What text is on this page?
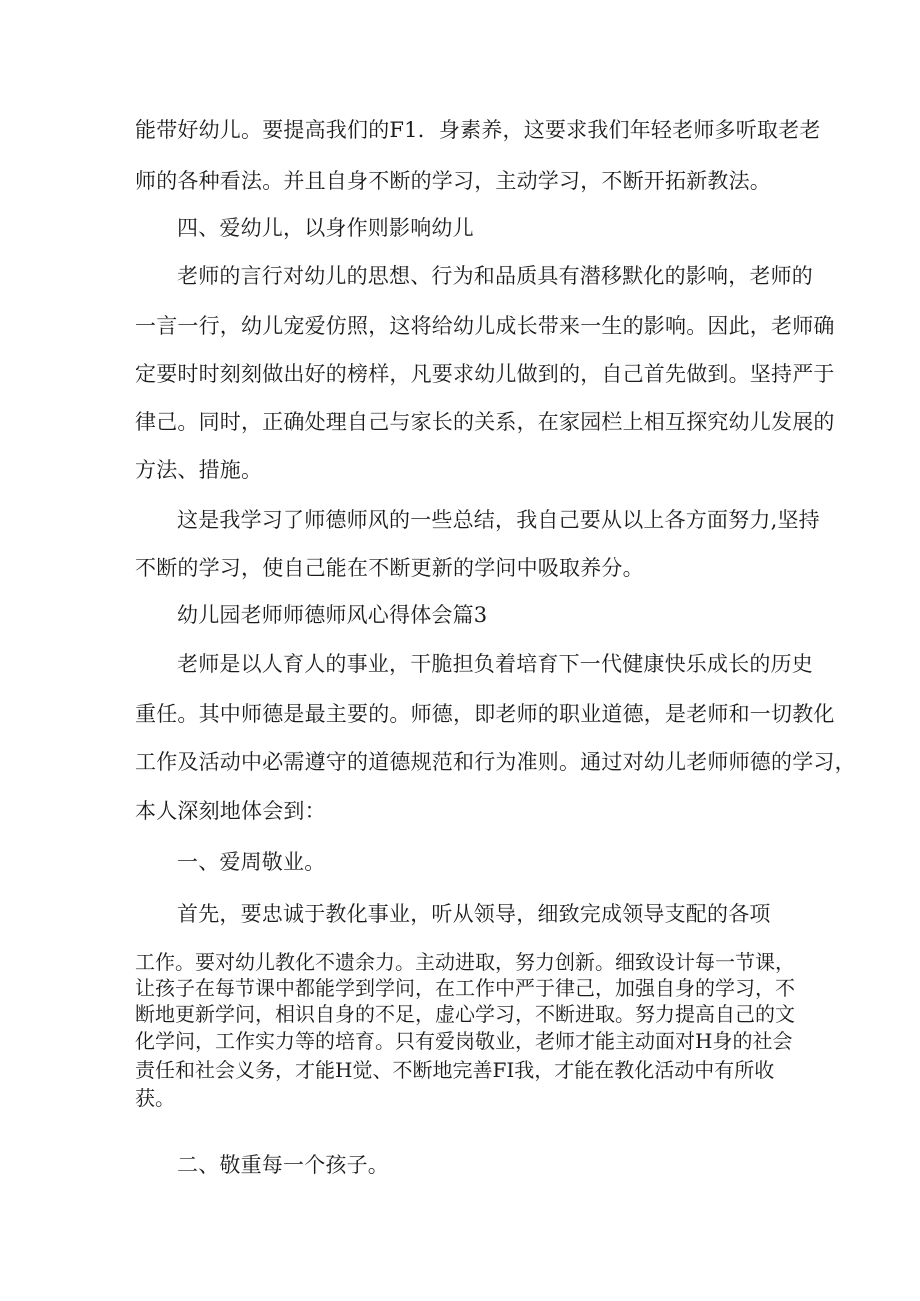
能带好幼儿。要提高我们的F1．身素养，这要求我们年轻老师多听取老老
师的各种看法。并且自身不断的学习，主动学习，不断开拓新教法。
四、爱幼儿，以身作则影响幼儿
老师的言行对幼儿的思想、行为和品质具有潜移默化的影响，老师的
一言一行，幼儿宠爱仿照，这将给幼儿成长带来一生的影响。因此，老师确
定要时时刻刻做出好的榜样，凡要求幼儿做到的，自己首先做到。坚持严于
律己。同时，正确处理自己与家长的关系，在家园栏上相互探究幼儿发展的
方法、措施。
这是我学习了师德师风的一些总结，我自己要从以上各方面努力,坚持
不断的学习，使自己能在不断更新的学问中吸取养分。
幼儿园老师师德师风心得体会篇3
老师是以人育人的事业，干脆担负着培育下一代健康快乐成长的历史
重任。其中师德是最主要的。师德，即老师的职业道德，是老师和一切教化
工作及活动中必需遵守的道德规范和行为准则。通过对幼儿老师师德的学习，
本人深刻地体会到：
一、爱周敬业。
首先，要忠诚于教化事业，听从领导，细致完成领导支配的各项
工作。要对幼儿教化不遗余力。主动进取，努力创新。细致设计每一节课，
让孩子在每节课中都能学到学问，在工作中严于律己，加强自身的学习，不
断地更新学问，相识自身的不足，虚心学习，不断进取。努力提高自己的文
化学问，工作实力等的培育。只有爱岗敬业，老师才能主动面对H身的社会
责任和社会义务，才能H觉、不断地完善FI我，才能在教化活动中有所收
获。
二、敬重每一个孩子。
